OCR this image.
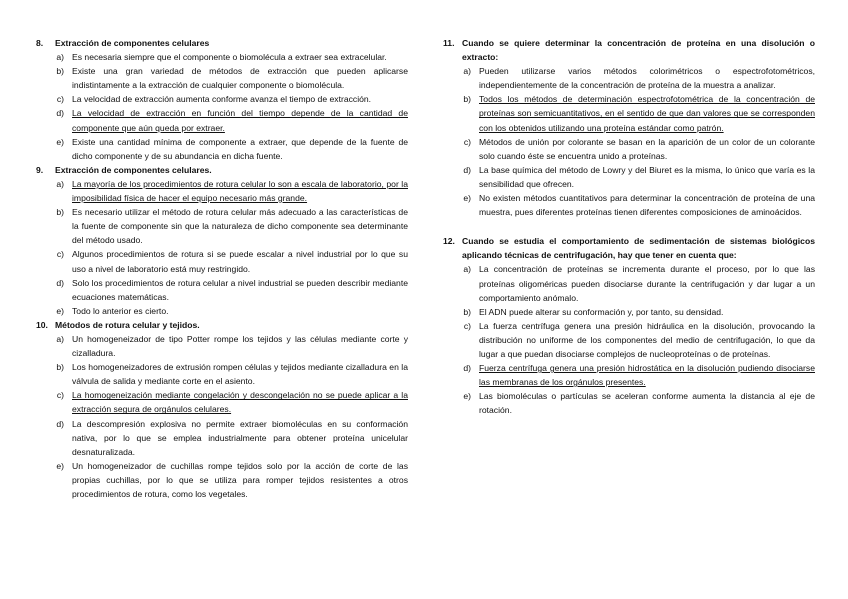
8.	Extracción de componentes celulares
a) Es necesaria siempre que el componente o biomolécula a extraer sea extracelular.
b) Existe una gran variedad de métodos de extracción que pueden aplicarse indistintamente a la extracción de cualquier componente o biomolécula.
c) La velocidad de extracción aumenta conforme avanza el tiempo de extracción.
d) La velocidad de extracción en función del tiempo depende de la cantidad de componente que aún queda por extraer.
e) Existe una cantidad mínima de componente a extraer, que depende de la fuente de dicho componente y de su abundancia en dicha fuente.
9.	Extracción de componentes celulares.
a) La mayoría de los procedimientos de rotura celular lo son a escala de laboratorio, por la imposibilidad física de hacer el equipo necesario más grande.
b) Es necesario utilizar el método de rotura celular más adecuado a las características de la fuente de componente sin que la naturaleza de dicho componente sea determinante del método usado.
c) Algunos procedimientos de rotura si se puede escalar a nivel industrial por lo que su uso a nivel de laboratorio está muy restringido.
d) Solo los procedimientos de rotura celular a nivel industrial se pueden describir mediante ecuaciones matemáticas.
e) Todo lo anterior es cierto.
10. Métodos de rotura celular y tejidos.
a) Un homogeneizador de tipo Potter rompe los tejidos y las células mediante corte y cizalladura.
b) Los homogeneizadores de extrusión rompen células y tejidos mediante cizalladura en la válvula de salida y mediante corte en el asiento.
c) La homogeneización mediante congelación y descongelación no se puede aplicar a la extracción segura de orgánulos celulares.
d) La descompresión explosiva no permite extraer biomoléculas en su conformación nativa, por lo que se emplea industrialmente para obtener proteína unicelular desnaturalizada.
e) Un homogeneizador de cuchillas rompe tejidos solo por la acción de corte de las propias cuchillas, por lo que se utiliza para romper tejidos resistentes a otros procedimientos de rotura, como los vegetales.
11. Cuando se quiere determinar la concentración de proteína en una disolución o extracto:
a) Pueden utilizarse varios métodos colorimétricos o espectrofotométricos, independientemente de la concentración de proteína de la muestra a analizar.
b) Todos los métodos de determinación espectrofotométrica de la concentración de proteínas son semicuantitativos, en el sentido de que dan valores que se corresponden con los obtenidos utilizando una proteína estándar como patrón.
c) Métodos de unión por colorante se basan en la aparición de un color de un colorante solo cuando éste se encuentra unido a proteínas.
d) La base química del método de Lowry y del Biuret es la misma, lo único que varía es la sensibilidad que ofrecen.
e) No existen métodos cuantitativos para determinar la concentración de proteína de una muestra, pues diferentes proteínas tienen diferentes composiciones de aminoácidos.
12. Cuando se estudia el comportamiento de sedimentación de sistemas biológicos aplicando técnicas de centrifugación, hay que tener en cuenta que:
a) La concentración de proteínas se incrementa durante el proceso, por lo que las proteínas oligoméricas pueden disociarse durante la centrifugación y dar lugar a un comportamiento anómalo.
b) El ADN puede alterar su conformación y, por tanto, su densidad.
c) La fuerza centrífuga genera una presión hidráulica en la disolución, provocando la distribución no uniforme de los componentes del medio de centrifugación, lo que da lugar a que puedan disociarse complejos de nucleoproteínas o de proteínas.
d) Fuerza centrífuga genera una presión hidrostática en la disolución pudiendo disociarse las membranas de los orgánulos presentes.
e) Las biomoléculas o partículas se aceleran conforme aumenta la distancia al eje de rotación.
